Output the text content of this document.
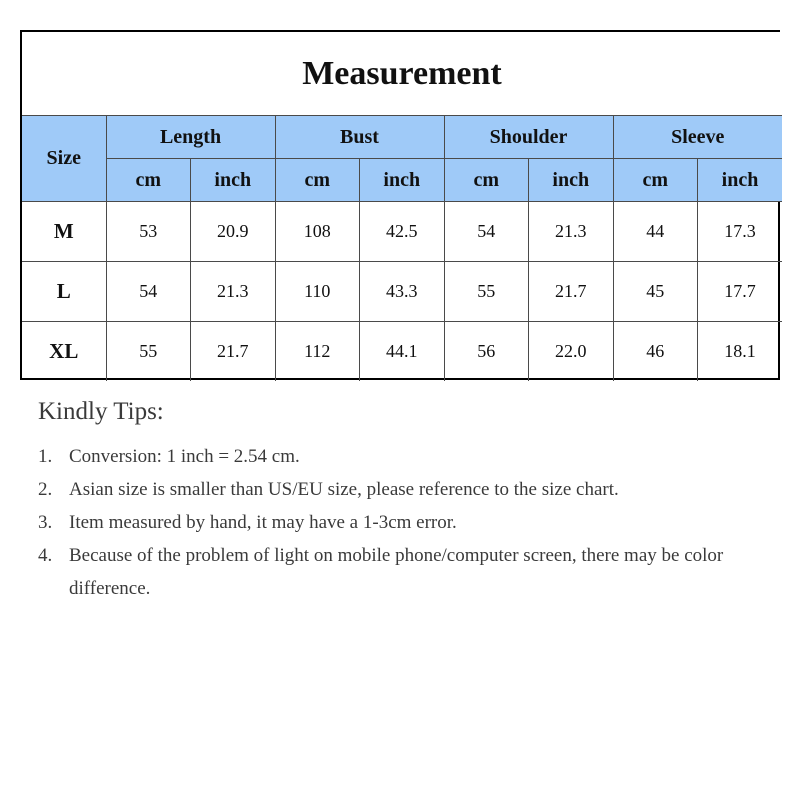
Measurement								
Size	Length		Bust		Shoulder		Sleeve	
	cm	inch	cm	inch	cm	inch	cm	inch
M	53	20.9	108	42.5	54	21.3	44	17.3
L	54	21.3	110	43.3	55	21.7	45	17.7
XL	55	21.7	112	44.1	56	22.0	46	18.1
Kindly Tips:
1. Conversion: 1 inch = 2.54 cm.
2. Asian size is smaller than US/EU size, please reference to the size chart.
3. Item measured by hand, it may have a 1-3cm error.
4. Because of the problem of light on mobile phone/computer screen, there may be color difference.
